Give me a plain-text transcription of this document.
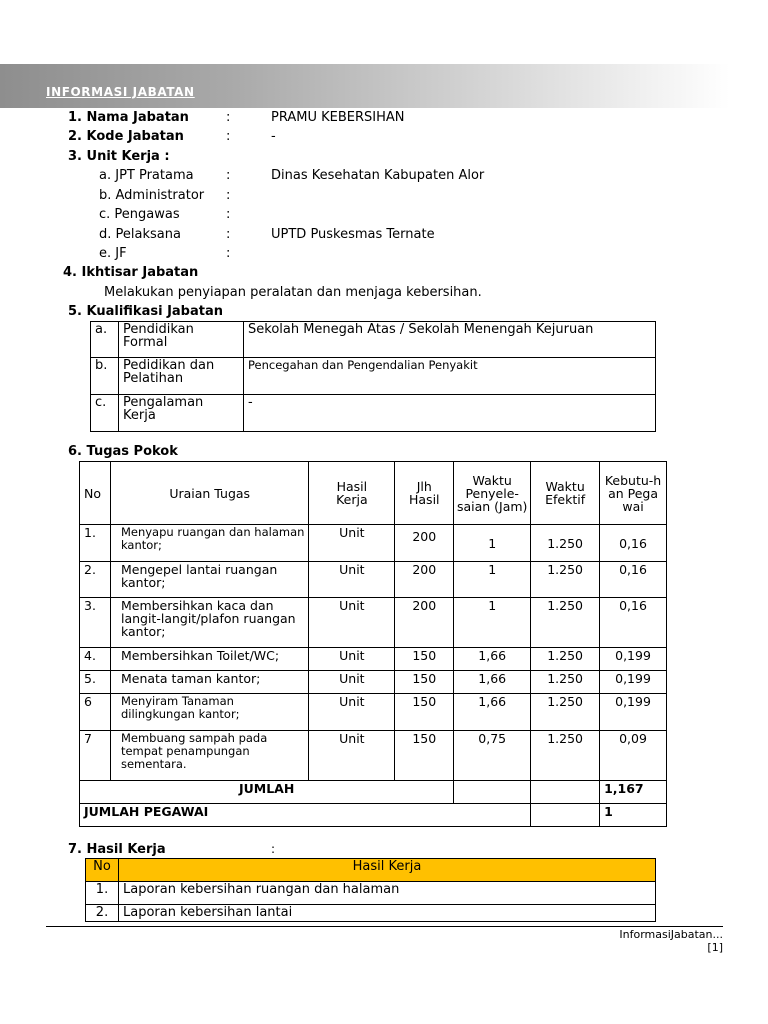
INFORMASI JABATAN
1. Nama Jabatan	:	PRAMU KEBERSIHAN
2. Kode Jabatan	:	-
3. Unit Kerja :
a. JPT Pratama :	Dinas Kesehatan Kabupaten Alor
b. Administrator :
c. Pengawas	:
d. Pelaksana	:	UPTD Puskesmas Ternate
e. JF	:
4. Ikhtisar Jabatan
Melakukan penyiapan peralatan dan menjaga kebersihan.
5. Kualifikasi Jabatan
a.	Pendidikan Formal	Sekolah Menegah Atas / Sekolah Menengah Kejuruan
b.	Pedidikan dan Pelatihan	Pencegahan dan Pengendalian Penyakit
c.	Pengalaman Kerja	-
6. Tugas Pokok
No	Uraian Tugas	Hasil Kerja	Jlh Hasil	Waktu Penyele-saian (Jam)	Waktu Efektif	Kebutu-han Pegawai
1.	Menyapu ruangan dan halaman kantor;	Unit	200	1	1.250	0,16
2.	Mengepel lantai ruangan kantor;	Unit	200	1	1.250	0,16
3.	Membersihkan kaca dan langit-langit/plafon ruangan kantor;	Unit	200	1	1.250	0,16
4.	Membersihkan Toilet/WC;	Unit	150	1,66	1.250	0,199
5.	Menata taman kantor;	Unit	150	1,66	1.250	0,199
6	Menyiram Tanaman dilingkungan kantor;	Unit	150	1,66	1.250	0,199
7	Membuang sampah pada tempat penampungan sementara.	Unit	150	0,75	1.250	0,09
JUMLAH						1,167
JUMLAH PEGAWAI						1
7. Hasil Kerja	:
No	Hasil Kerja
1.	Laporan kebersihan ruangan dan halaman
2.	Laporan kebersihan lantai
InformasiJabatan...
[1]
